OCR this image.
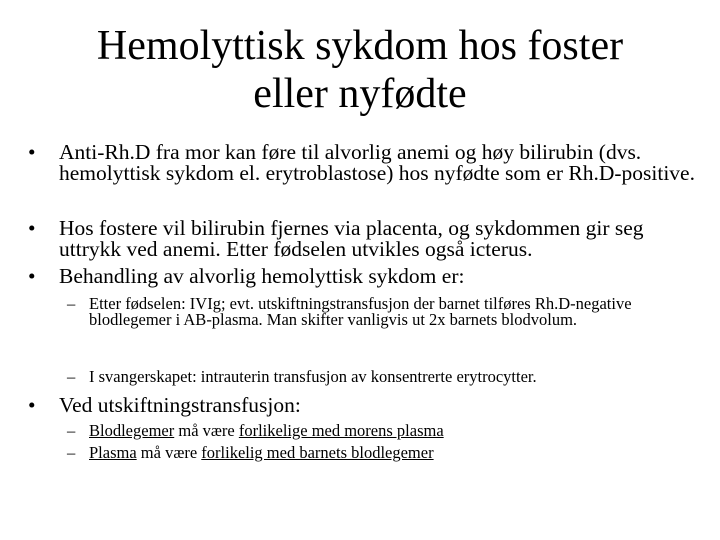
Hemolyttisk sykdom hos foster
eller nyfødte
• Anti-Rh.D fra mor kan føre til alvorlig anemi og høy bilirubin (dvs. hemolyttisk sykdom el. erytroblastose) hos nyfødte som er Rh.D-positive.
• Hos fostere vil bilirubin fjernes via placenta, og sykdommen gir seg uttrykk ved anemi. Etter fødselen utvikles også icterus.
• Behandling av alvorlig hemolyttisk sykdom er:
– Etter fødselen: IVIg; evt. utskiftningstransfusjon der barnet tilføres Rh.D-negative blodlegemer i AB-plasma. Man skifter vanligvis ut 2x barnets blodvolum.
– I svangerskapet: intrauterin transfusjon av konsentrerte erytrocytter.
• Ved utskiftningstransfusjon:
– Blodlegemer må være forlikelige med morens plasma
– Plasma må være forlikelig med barnets blodlegemer
